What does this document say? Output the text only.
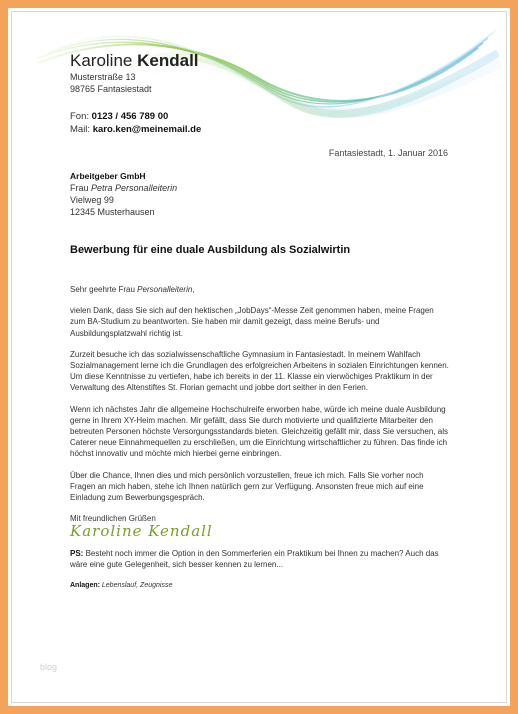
Karoline Kendall
Musterstraße 13
98765 Fantasiestadt
Fon: 0123 / 456 789 00
Mail: karo.ken@meinemail.de
Fantasiestadt, 1. Januar 2016
Arbeitgeber GmbH
Frau Petra Personalleiterin
Vielweg 99
12345 Musterhausen
Bewerbung für eine duale Ausbildung als Sozialwirtin

Sehr geehrte Frau Personalleiterin,

vielen Dank, dass Sie sich auf den hektischen „JobDays“-Messe Zeit genommen haben, meine Fragen zum BA-Studium zu beantworten. Sie haben mir damit gezeigt, dass meine Berufs- und Ausbildungsplatzwahl richtig ist.

Zurzeit besuche ich das soziaIwissenschaftliche Gymnasium in Fantasiestadt. In meinem Wahlfach Sozialmanagement lerne ich die Grundlagen des erfolgreichen Arbeitens in sozialen Einrichtungen kennen. Um diese Kenntnisse zu vertiefen, habe ich bereits in der 11. Klasse ein vierwöchiges Praktikum in der Verwaltung des Altenstiftes St. Florian gemacht und jobbe dort seither in den Ferien.

Wenn ich nächstes Jahr die allgemeine Hochschulreife erworben habe, würde ich meine duale Ausbildung gerne in Ihrem XY-Heim machen. Mir gefällt, dass Sie durch motivierte und qualifizierte Mitarbeiter den betreuten Personen höchste Versorgungsstandards bieten. Gleichzeitig gefällt mir, dass Sie versuchen, als Caterer neue Einnahmequellen zu erschließen, um die Einrichtung wirtschaftlicher zu führen. Das finde ich höchst innovativ und möchte mich hierbei gerne einbringen.

Über die Chance, Ihnen dies und mich persönlich vorzustellen, freue ich mich. Falls Sie vorher noch Fragen an mich haben, stehe ich Ihnen natürlich gern zur Verfügung. Ansonsten freue mich auf eine Einladung zum Bewerbungsgespräch.

Mit freundlichen Grüßen
Karoline Kendall

PS: Besteht noch immer die Option in den Sommerferien ein Praktikum bei Ihnen zu machen? Auch das wäre eine gute Gelegenheit, sich besser kennen zu lernen...

Anlagen: Lebenslauf, Zeugnisse

blog
